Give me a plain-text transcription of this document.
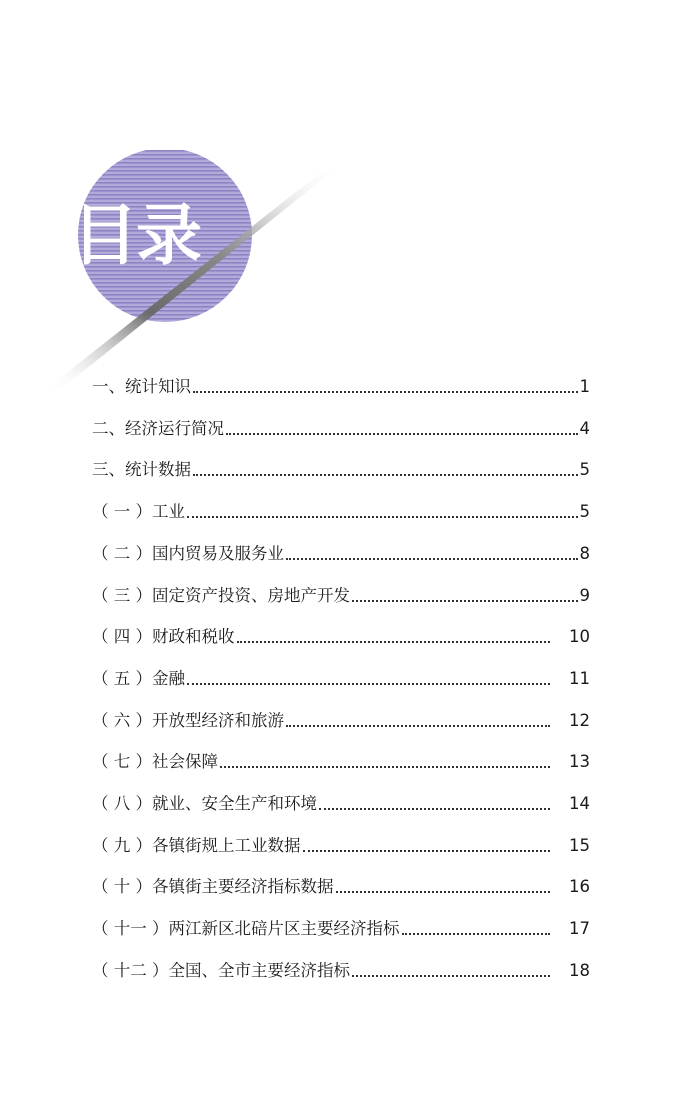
目录
一、统计知识	1
二、经济运行简况	4
三、统计数据	5
（ 一 ）工业	5
（ 二 ）国内贸易及服务业	8
（ 三 ）固定资产投资、房地产开发	9
（ 四 ）财政和税收	10
（ 五 ）金融	11
（ 六 ）开放型经济和旅游	12
（ 七 ）社会保障	13
（ 八 ）就业、安全生产和环境	14
（ 九 ）各镇街规上工业数据	15
（ 十 ）各镇街主要经济指标数据	16
（ 十一 ）两江新区北碚片区主要经济指标	17
（ 十二 ）全国、全市主要经济指标	18
